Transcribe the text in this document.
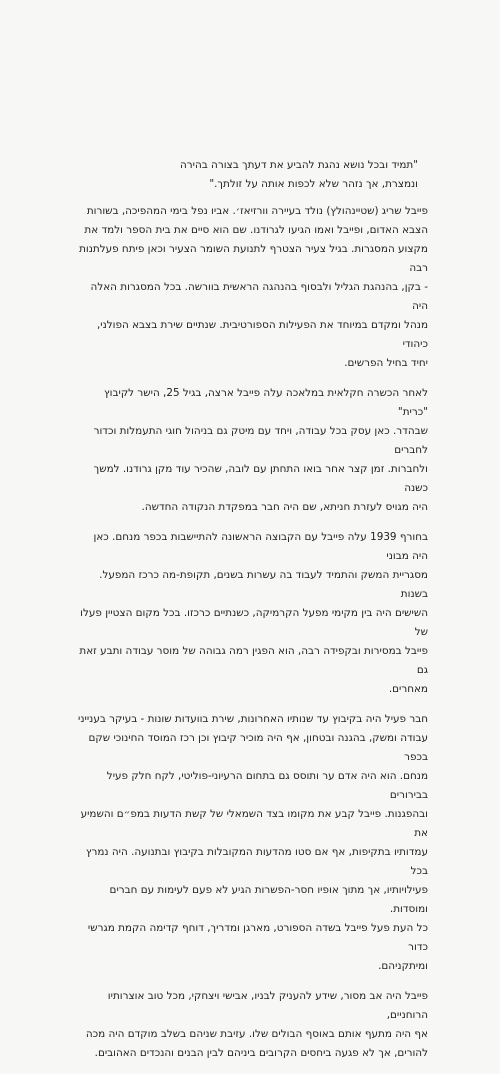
"תמיד ובכל נושא נהגת להביע את דעתך בצורה בהירה
ונמצרת, אך נזהר שלא לכפות אותה על זולתך."
פייבל שריג (שטיינהולץ) נולד בעיירה וורזיאז׳. אביו נפל בימי המהפיכה, בשורות
הצבא האדום, ופייבל ואמו הגיעו לגרודנו. שם הוא סיים את בית הספר ולמד את
מקצוע המסגרות. בגיל צעיר הצטרף לתנועת השומר הצעיר וכאן פיתח פעלתנות רבה
- בקן, בהנהגת הגליל ולבסוף בהנהגה הראשית בוורשה. בכל המסגרות האלה היה
מנהל ומקדם במיוחד את הפעילות הספורטיבית. שנתיים שירת בצבא הפולני, כיהודי
יחיד בחיל הפרשים.
לאחר הכשרה חקלאית במלאכה עלה פייבל ארצה, בגיל 25, הישר לקיבוץ "כרית"
שבהדר. כאן עסק בכל עבודה, ויחד עם מיטק גם בניהול חוגי התעמלות וכדור לחברים
ולחברות. זמן קצר אחר בואו התחתן עם לובה, שהכיר עוד מקן גרודנו. למשך כשנה
היה מגויס לעזרת חניתא, שם היה חבר במפקדת הנקודה החדשה.
בחורף 1939 עלה פייבל עם הקבוצה הראשונה להתיישבות בכפר מנחם. כאן היה מבוני
מסגריית המשק והתמיד לעבוד בה עשרות בשנים, תקופת-מה כרכז המפעל. בשנות
השישים היה בין מקימי מפעל הקרמיקה, כשנתיים כרכזו. בכל מקום הצטיין פעלו של
פייבל במסירות ובקפידה רבה, הוא הפגין רמה גבוהה של מוסר עבודה ותבע זאת גם
מאחרים.
חבר פעיל היה בקיבוץ עד שנותיו האחרונות, שירת בוועדות שונות - בעיקר בענייני
עבודה ומשק, בהגנה ובטחון, אף היה מוכיר קיבוץ וכן רכז המוסד החינוכי שקם בכפר
מנחם. הוא היה אדם ער ותוסס גם בתחום הרעיוני-פוליטי, לקח חלק פעיל בבירורים
ובהפגנות. פייבל קבע את מקומו בצד השמאלי של קשת הדעות במפ״ם והשמיע את
עמדותיו בתקיפות, אף אם סטו מהדעות המקובלות בקיבוץ ובתנועה. היה נמרץ בכל
פעילויותיו, אך מתוך אופיו חסר-הפשרות הגיע לא פעם לעימות עם חברים ומוסדות.
כל העת פעל פייבל בשדה הספורט, מארגן ומדריך, דוחף קדימה הקמת מגרשי כדור
ומיתקניהם.
פייבל היה אב מסור, שידע להעניק לבניו, אבישי ויצחקי, מכל טוב אוצרותיו הרוחניים,
אף היה מתעף אותם באוסף הבולים שלו. עזיבת שניהם בשלב מוקדם היה מכה
להורים, אך לא פגעה ביחסים הקרובים ביניהם לבין הבנים והנכדים האהובים.
